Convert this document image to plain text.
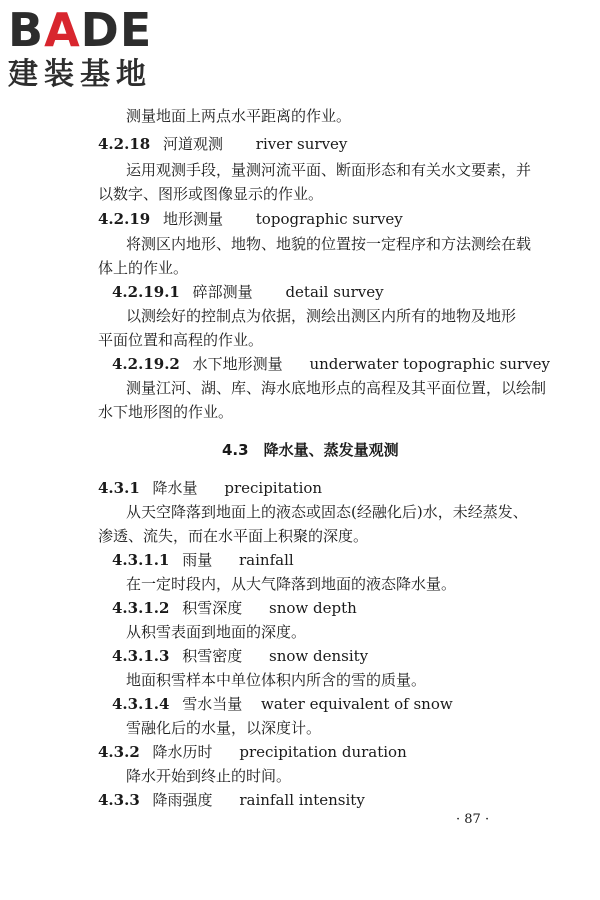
BADE
建装基地
测量地面上两点水平距离的作业。
4.2.18 河道观测 river survey
运用观测手段，量测河流平面、断面形态和有关水文要素，并
以数字、图形或图像显示的作业。
4.2.19 地形测量 topographic survey
将测区内地形、地物、地貌的位置按一定程序和方法测绘在载
体上的作业。
4.2.19.1 碎部测量 detail survey
以测绘好的控制点为依据，测绘出测区内所有的地物及地形
平面位置和高程的作业。
4.2.19.2 水下地形测量 underwater topographic survey
测量江河、湖、库、海水底地形点的高程及其平面位置，以绘制
水下地形图的作业。
4.3　降水量、蒸发量观测
4.3.1 降水量 precipitation
从天空降落到地面上的液态或固态(经融化后)水，未经蒸发、
渗透、流失，而在水平面上积聚的深度。
4.3.1.1 雨量 rainfall
在一定时段内，从大气降落到地面的液态降水量。
4.3.1.2 积雪深度 snow depth
从积雪表面到地面的深度。
4.3.1.3 积雪密度 snow density
地面积雪样本中单位体积内所含的雪的质量。
4.3.1.4 雪水当量 water equivalent of snow
雪融化后的水量，以深度计。
4.3.2 降水历时 precipitation duration
降水开始到终止的时间。
4.3.3 降雨强度 rainfall intensity
· 87 ·
